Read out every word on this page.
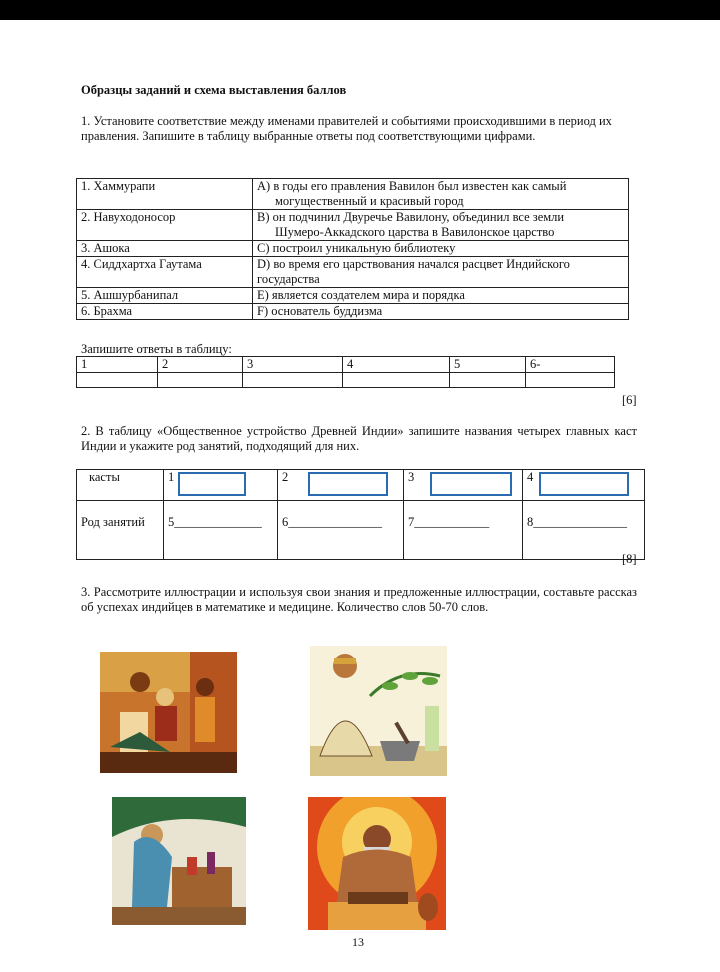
Образцы заданий и схема выставления баллов
1. Установите соответствие между именами правителей и событиями происходившими в период их правления. Запишите в таблицу выбранные ответы под соответствующими цифрами.
1. Хаммурапи	А) в годы его правления Вавилон был известен как самый
могущественный и красивый город

2. Навуходоносор	В) он подчинил Двуречье Вавилону, объединил все земли
Шумеро-Аккадского царства в Вавилонское царство

3. Ашока	С) построил уникальную библиотеку
4. Сиддхартха Гаутама	D) во время его царствования начался расцвет Индийского
государства
5. Ашшурбанипал	Е) является создателем мира и порядка
6. Брахма	F) основатель буддизма
Запишите ответы в таблицу:
1	2	3	4	5	6-

[6]
2. В таблицу «Общественное устройство Древней Индии» запишите названия четырех главных каст Индии и укажите род занятий, подходящий для них.
касты	1	2	3	4
Род занятий	5______________	6_______________	7____________	8_______________
[8]
3. Рассмотрите иллюстрации и используя свои знания и предложенные иллюстрации, составьте рассказ об успехах индийцев в математике и медицине. Количество слов 50-70 слов.
13
